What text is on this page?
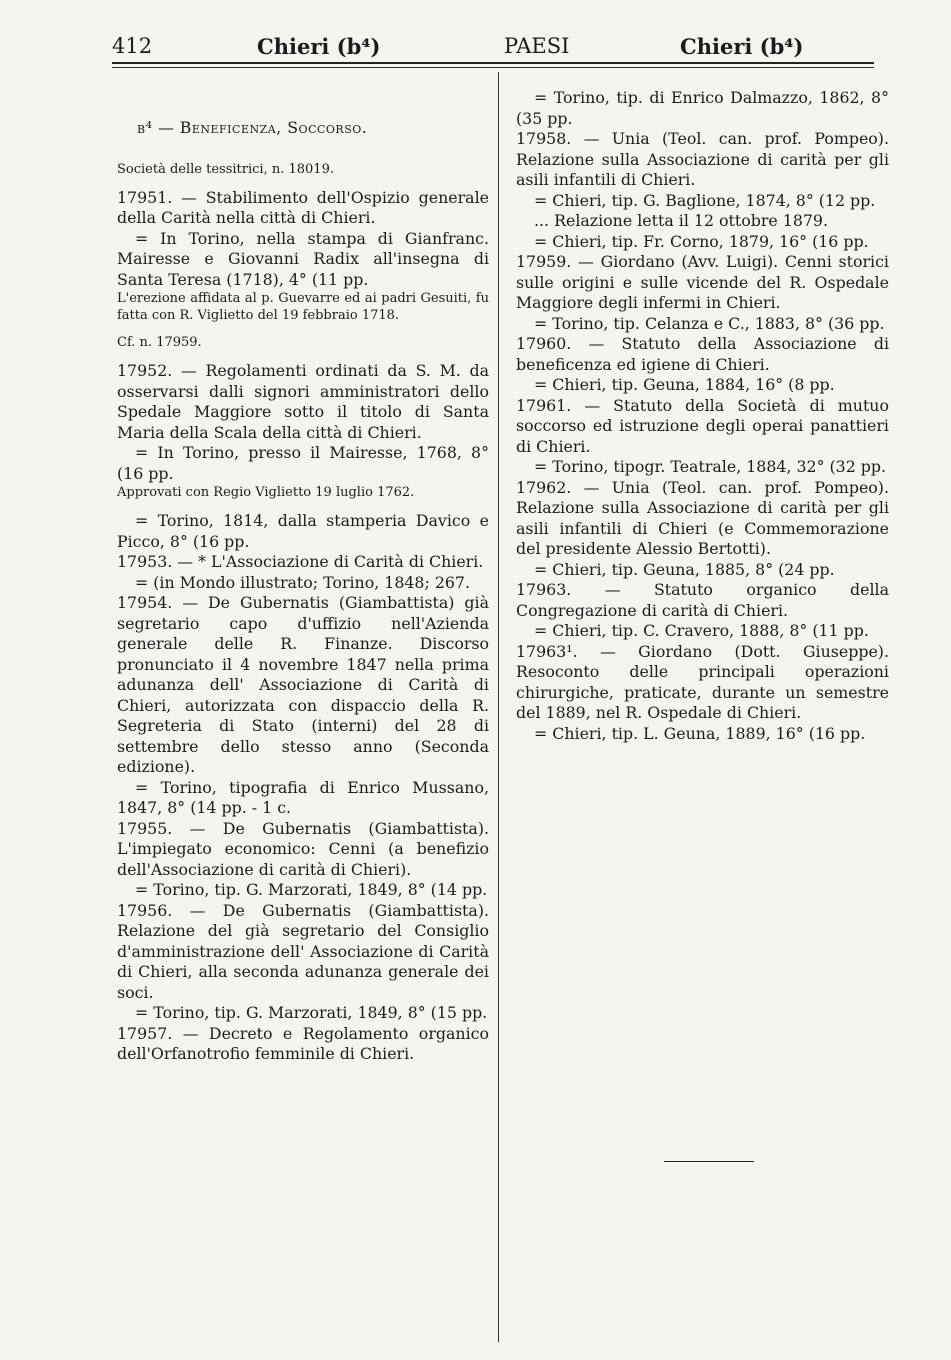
412	Chieri (b⁴)	PAESI	Chieri (b⁴)

b⁴ — Beneficenza, Soccorso.

Società delle tessitrici, n. 18019.

17951. — Stabilimento dell'Ospizio generale della Carità nella città di Chieri.

= In Torino, nella stampa di Gianfranc. Mairesse e Giovanni Radix all'insegna di Santa Teresa (1718), 4° (11 pp.

L'erezione affidata al p. Guevarre ed ai padri Gesuiti, fu fatta con R. Viglietto del 19 febbraio 1718.

Cf. n. 17959.

17952. — Regolamenti ordinati da S. M. da osservarsi dalli signori amministratori dello Spedale Maggiore sotto il titolo di Santa Maria della Scala della città di Chieri.

= In Torino, presso il Mairesse, 1768, 8° (16 pp.

Approvati con Regio Viglietto 19 luglio 1762.

= Torino, 1814, dalla stamperia Davico e Picco, 8° (16 pp.

17953. — * L'Associazione di Carità di Chieri.

= (in Mondo illustrato; Torino, 1848; 267.

17954. — De Gubernatis (Giambattista) già segretario capo d'uffizio nell'Azienda generale delle R. Finanze. Discorso pronunciato il 4 novembre 1847 nella prima adunanza dell' Associazione di Carità di Chieri, autorizzata con dispaccio della R. Segreteria di Stato (interni) del 28 di settembre dello stesso anno (Seconda edizione).

= Torino, tipografia di Enrico Mussano, 1847, 8° (14 pp. - 1 c.

17955. — De Gubernatis (Giambattista). L'impiegato economico: Cenni (a benefizio dell'Associazione di carità di Chieri).

= Torino, tip. G. Marzorati, 1849, 8° (14 pp.

17956. — De Gubernatis (Giambattista). Relazione del già segretario del Consiglio d'amministrazione dell' Associazione di Carità di Chieri, alla seconda adunanza generale dei soci.

= Torino, tip. G. Marzorati, 1849, 8° (15 pp.

17957. — Decreto e Regolamento organico dell'Orfanotrofio femminile di Chieri.

= Torino, tip. di Enrico Dalmazzo, 1862, 8° (35 pp.

17958. — Unia (Teol. can. prof. Pompeo). Relazione sulla Associazione di carità per gli asili infantili di Chieri.

= Chieri, tip. G. Baglione, 1874, 8° (12 pp.

... Relazione letta il 12 ottobre 1879.

= Chieri, tip. Fr. Corno, 1879, 16° (16 pp.

17959. — Giordano (Avv. Luigi). Cenni storici sulle origini e sulle vicende del R. Ospedale Maggiore degli infermi in Chieri.

= Torino, tip. Celanza e C., 1883, 8° (36 pp.

17960. — Statuto della Associazione di beneficenza ed igiene di Chieri.

= Chieri, tip. Geuna, 1884, 16° (8 pp.

17961. — Statuto della Società di mutuo soccorso ed istruzione degli operai panattieri di Chieri.

= Torino, tipogr. Teatrale, 1884, 32° (32 pp.

17962. — Unia (Teol. can. prof. Pompeo). Relazione sulla Associazione di carità per gli asili infantili di Chieri (e Commemorazione del presidente Alessio Bertotti).

= Chieri, tip. Geuna, 1885, 8° (24 pp.

17963. — Statuto organico della Congregazione di carità di Chieri.

= Chieri, tip. C. Cravero, 1888, 8° (11 pp.

17963¹. — Giordano (Dott. Giuseppe). Resoconto delle principali operazioni chirurgiche, praticate, durante un semestre del 1889, nel R. Ospedale di Chieri.

= Chieri, tip. L. Geuna, 1889, 16° (16 pp.
